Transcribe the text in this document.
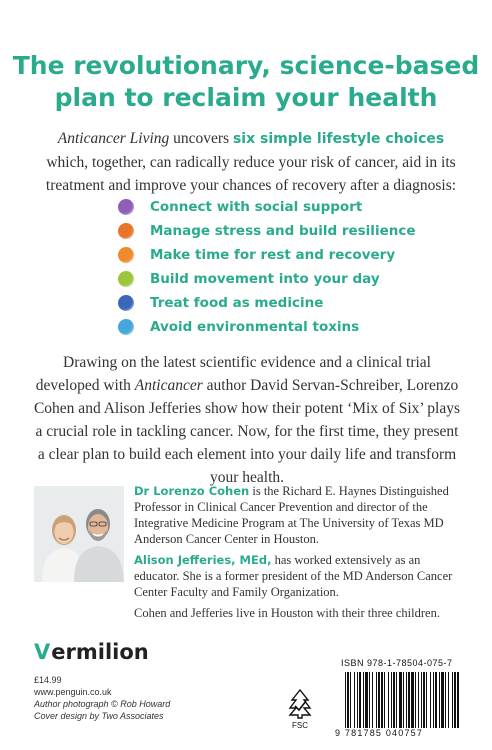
The revolutionary, science-based
plan to reclaim your health

Anticancer Living uncovers six simple lifestyle choices which, together, can radically reduce your risk of cancer, aid in its treatment and improve your chances of recovery after a diagnosis:

Connect with social support
Manage stress and build resilience
Make time for rest and recovery
Build movement into your day
Treat food as medicine
Avoid environmental toxins

Drawing on the latest scientific evidence and a clinical trial developed with Anticancer author David Servan-Schreiber, Lorenzo Cohen and Alison Jefferies show how their potent ‘Mix of Six’ plays a crucial role in tackling cancer. Now, for the first time, they present a clear plan to build each element into your daily life and transform your health.

Dr Lorenzo Cohen is the Richard E. Haynes Distinguished Professor in Clinical Cancer Prevention and director of the Integrative Medicine Program at The University of Texas MD Anderson Cancer Center in Houston.

Alison Jefferies, MEd, has worked extensively as an educator. She is a former president of the MD Anderson Cancer Center Faculty and Family Organization.

Cohen and Jefferies live in Houston with their three children.

V ermilion
£14.99
www.penguin.co.uk
Author photograph © Rob Howard
Cover design by Two Associates
FSC
ISBN 978-1-78504-075-7
9 781785 040757
